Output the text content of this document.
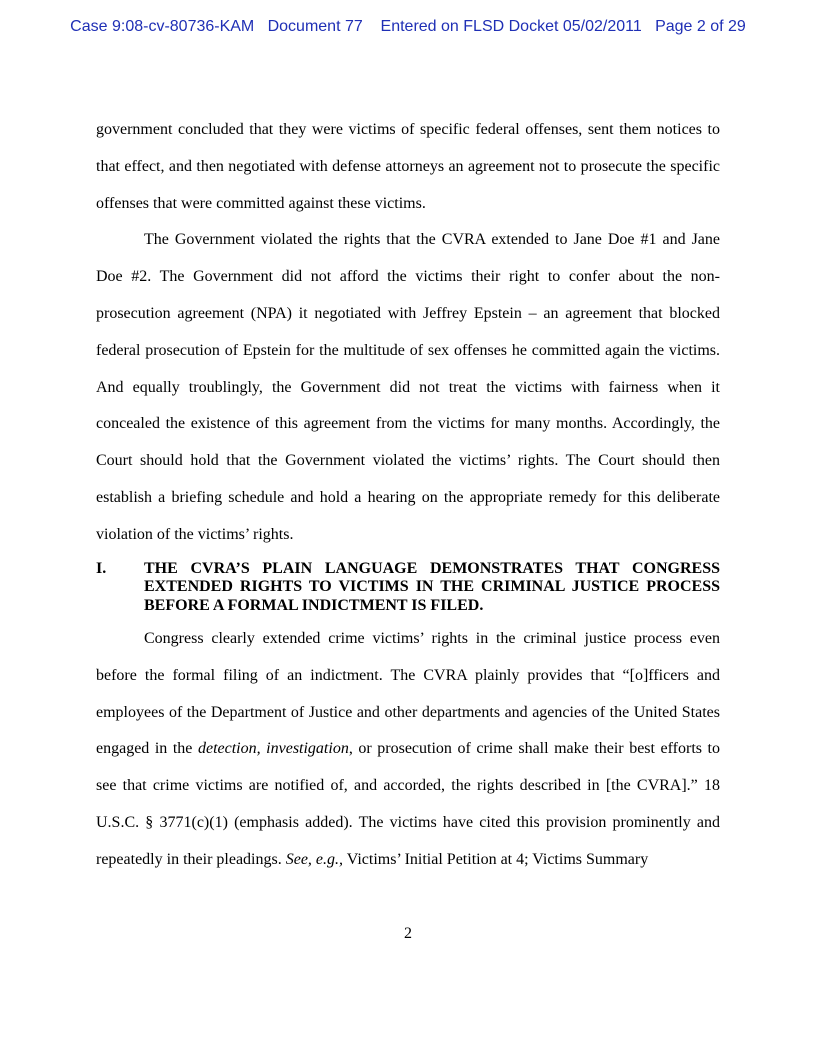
Case 9:08-cv-80736-KAM   Document 77    Entered on FLSD Docket 05/02/2011   Page 2 of 29

government concluded that they were victims of specific federal offenses, sent them notices to that effect, and then negotiated with defense attorneys an agreement not to prosecute the specific offenses that were committed against these victims.

The Government violated the rights that the CVRA extended to Jane Doe #1 and Jane Doe #2. The Government did not afford the victims their right to confer about the non-prosecution agreement (NPA) it negotiated with Jeffrey Epstein – an agreement that blocked federal prosecution of Epstein for the multitude of sex offenses he committed again the victims. And equally troublingly, the Government did not treat the victims with fairness when it concealed the existence of this agreement from the victims for many months. Accordingly, the Court should hold that the Government violated the victims’ rights. The Court should then establish a briefing schedule and hold a hearing on the appropriate remedy for this deliberate violation of the victims’ rights.

I.	THE CVRA’S PLAIN LANGUAGE DEMONSTRATES THAT CONGRESS EXTENDED RIGHTS TO VICTIMS IN THE CRIMINAL JUSTICE PROCESS BEFORE A FORMAL INDICTMENT IS FILED.

Congress clearly extended crime victims’ rights in the criminal justice process even before the formal filing of an indictment. The CVRA plainly provides that “[o]fficers and employees of the Department of Justice and other departments and agencies of the United States engaged in the detection, investigation, or prosecution of crime shall make their best efforts to see that crime victims are notified of, and accorded, the rights described in [the CVRA].” 18 U.S.C. § 3771(c)(1) (emphasis added). The victims have cited this provision prominently and repeatedly in their pleadings. See, e.g., Victims’ Initial Petition at 4; Victims Summary

2
